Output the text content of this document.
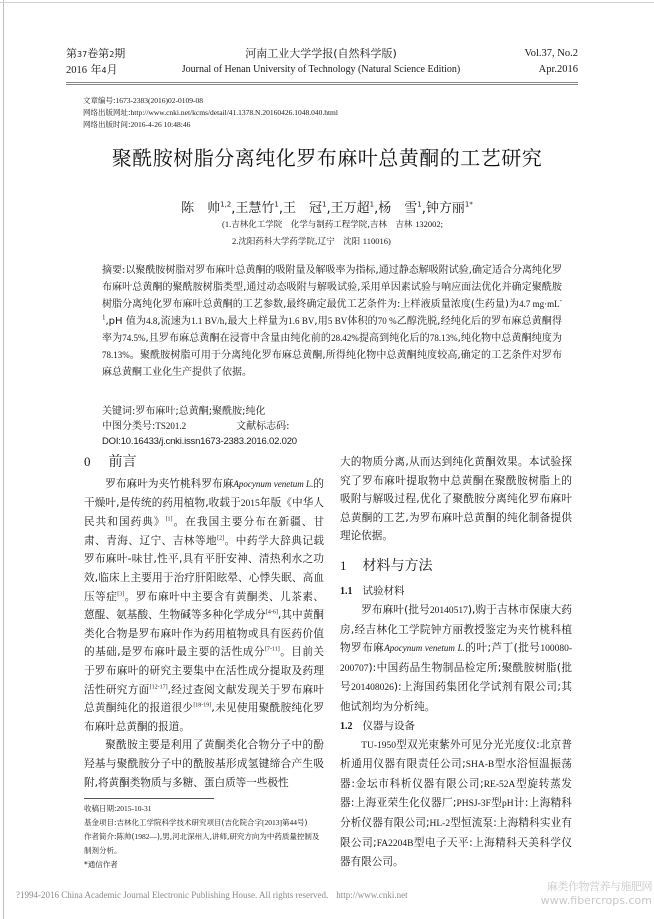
第37卷第2期
2016 年4月
河南工业大学学报(自然科学版)
Journal of Henan University of Technology (Natural Science Edition)
Vol.37, No.2
Apr.2016
文章编号:1673-2383(2016)02-0109-08
网络出版网址:http://www.cnki.net/kcms/detail/41.1378.N.20160426.1048.040.html
网络出版时间:2016-4-26 10:48:46
聚酰胺树脂分离纯化罗布麻叶总黄酮的工艺研究
陈　帅$^{1,2}$,王慧竹$^1$,王　冠$^1$,王万超$^1$,杨　雪$^1$,钟方丽$^{1*}$
(1.吉林化工学院　化学与制药工程学院,吉林　吉林 132002;
2.沈阳药科大学药学院,辽宁　沈阳 110016)
摘要:以聚酰胺树脂对罗布麻叶总黄酮的吸附量及解吸率为指标,通过静态解吸附试验,确定适合分离纯化罗布麻叶总黄酮的聚酰胺树脂类型,通过动态吸附与解吸试验,采用单因素试验与响应面法优化并确定聚酰胺树脂分离纯化罗布麻叶总黄酮的工艺参数,最终确定最优工艺条件为:上样液质量浓度(生药量)为4.7 $mg\cdot mL^{-1},pH$ 值为4.8,流速为1.1 BV/h,最大上样量为1.6 BV,用5 BV体积的70 %乙醇洗脱,经纯化后的罗布麻总黄酮得率为74.5%,且罗布麻总黄酮在浸膏中含量由纯化前的28.42%提高到纯化后的78.13%,纯化物中总黄酮纯度为78.13%。聚酰胺树脂可用于分离纯化罗布麻总黄酮,所得纯化物中总黄酮纯度较高,确定的工艺条件对罗布麻总黄酮工业化生产提供了依据。
关键词:罗布麻叶;总黄酮;聚酰胺;纯化
中图分类号:TS201.2	文献标志码:
DOI:10.16433/j.cnki.issn1673-2383.2016.02.020
0 前言

罗布麻叶为夹竹桃科罗布麻Apocynum venetum L.的干燥叶,是传统的药用植物,收载于2015年版《中华人民共和国药典》[1]。在我国主要分布在新疆、甘肃、青海、辽宁、吉林等地[2]。中药学大辞典记载罗布麻叶-味甘,性平,具有平肝安神、清热利水之功效,临床上主要用于治疗肝阳眩晕、心悸失眠、高血压等症[3]。罗布麻叶中主要含有黄酮类、儿茶素、蒽醌、氨基酸、生物碱等多种化学成分[4-6],其中黄酮类化合物是罗布麻叶作为药用植物或具有医药价值的基础,是罗布麻叶最主要的活性成分[7-11]。目前关于罗布麻叶的研究主要集中在活性成分提取及药理活性研究方面[12-17],经过查阅文献发现关于罗布麻叶总黄酮纯化的报道很少[18-19],未见使用聚酰胺纯化罗布麻叶总黄酮的报道。

聚酰胺主要是利用了黄酮类化合物分子中的酚羟基与聚酰胺分子中的酰胺基形成氢键缔合产生吸附,将黄酮类物质与多糖、蛋白质等一些极性

大的物质分离,从而达到纯化黄酮效果。本试验探究了罗布麻叶提取物中总黄酮在聚酰胺树脂上的吸附与解吸过程,优化了聚酰胺分离纯化罗布麻叶总黄酮的工艺,为罗布麻叶总黄酮的纯化制备提供理论依据。

1 材料与方法
1.1 试验材料

罗布麻叶(批号20140517),购于吉林市保康大药房,经吉林化工学院钟方丽教授鉴定为夹竹桃科植物罗布麻Apocynum venetum L.的叶;芦丁(批号100080-200707):中国药品生物制品检定所;聚酰胺树脂(批号201408026):上海国药集团化学试剂有限公司;其他试剂均为分析纯。

1.2 仪器与设备

TU-1950型双光束紫外可见分光光度仪:北京普析通用仪器有限责任公司;SHA-B型水浴恒温振荡器:金坛市科析仪器有限公司;RE-52A型旋转蒸发器:上海亚荣生化仪器厂;PHSJ-3F型pH计:上海精科分析仪器有限公司;HL-2型恒流泵:上海精科实业有限公司;FA2204B型电子天平:上海精科天美科学仪器有限公司。

收稿日期:2015-10-31
基金项目:吉林化工学院科学技术研究项目(吉化院合字[2013]第44号)
作者简介:陈帅(1982—),男,河北深州人,讲师,研究方向为中药质量控制及制剂分析。
*通信作者
?1994-2016 China Academic Journal Electronic Publishing House. All rights reserved. http://www.cnki.net
麻类作物营养与施肥网
www.fibercrops.com
